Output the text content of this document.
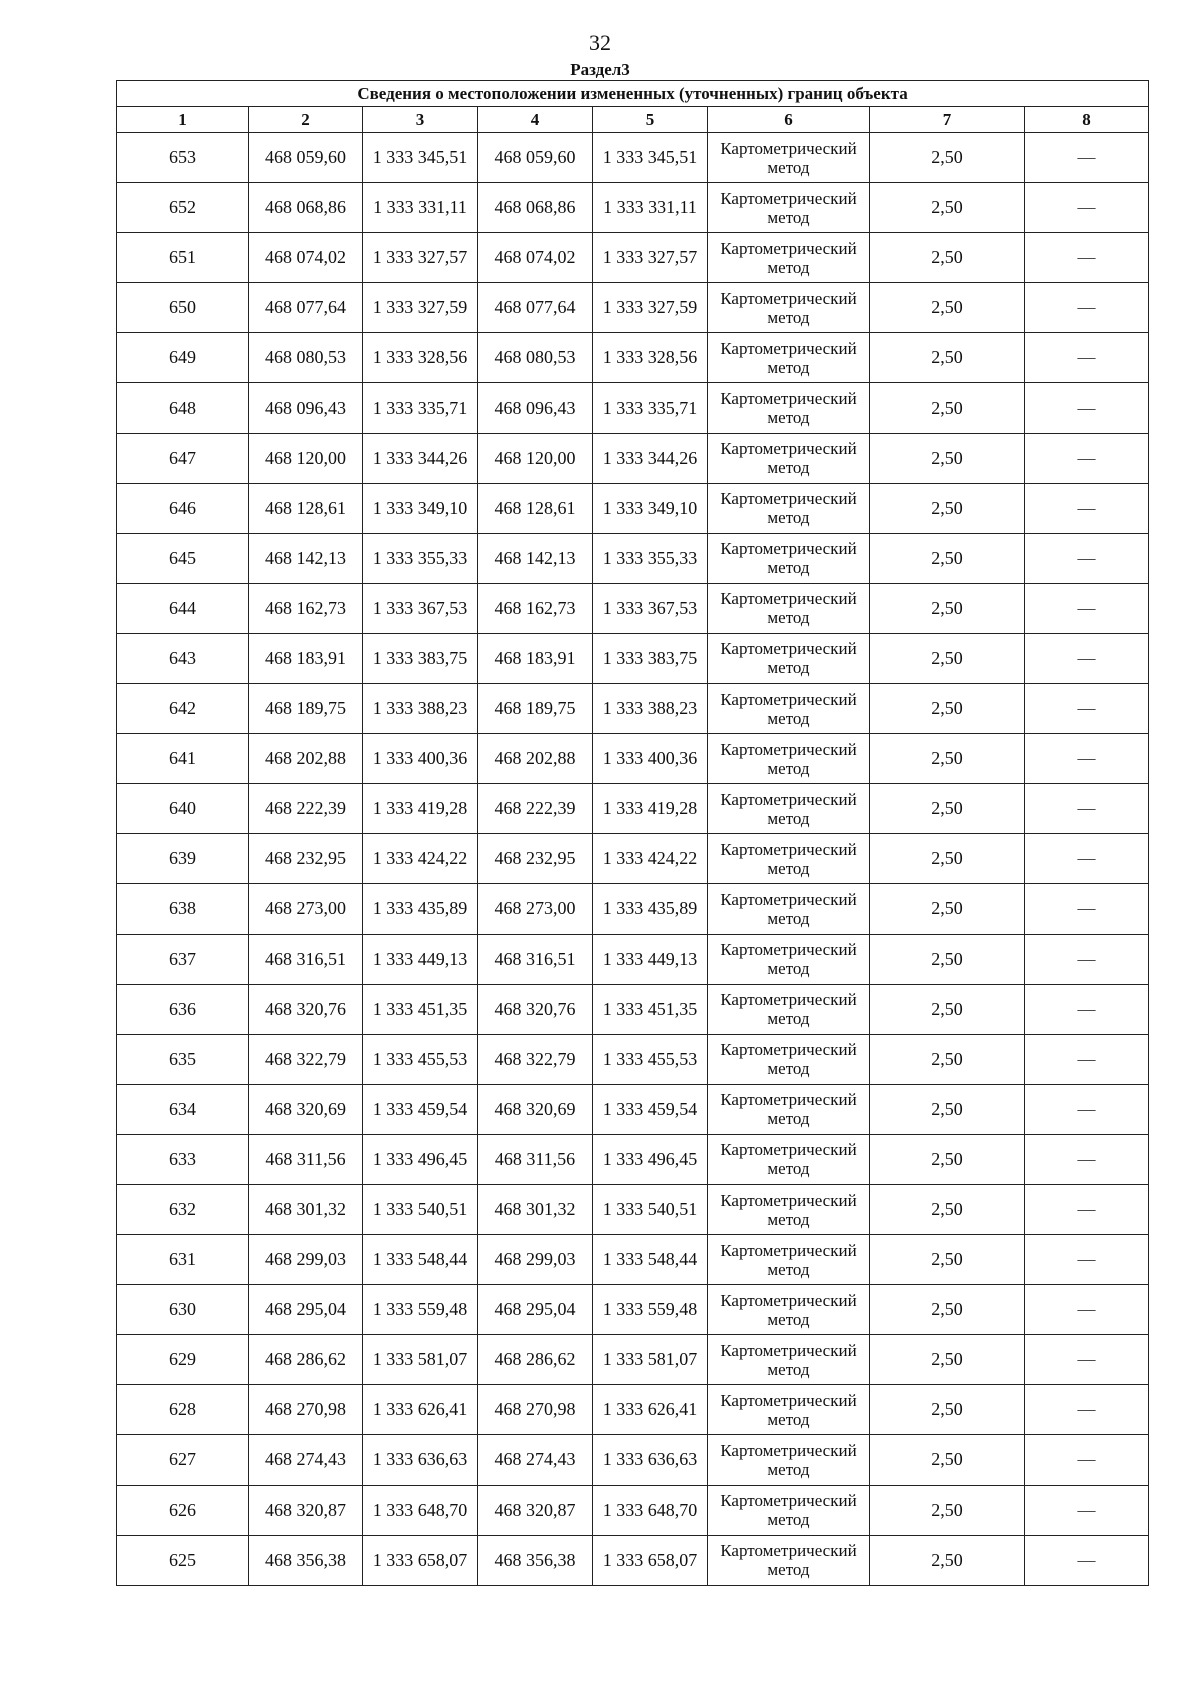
32
Раздел3
Сведения о местоположении измененных (уточненных) границ объекта							
1	2	3	4	5	6	7	8
653	468 059,60	1 333 345,51	468 059,60	1 333 345,51	Картометрический метод	2,50	—
652	468 068,86	1 333 331,11	468 068,86	1 333 331,11	Картометрический метод	2,50	—
651	468 074,02	1 333 327,57	468 074,02	1 333 327,57	Картометрический метод	2,50	—
650	468 077,64	1 333 327,59	468 077,64	1 333 327,59	Картометрический метод	2,50	—
649	468 080,53	1 333 328,56	468 080,53	1 333 328,56	Картометрический метод	2,50	—
648	468 096,43	1 333 335,71	468 096,43	1 333 335,71	Картометрический метод	2,50	—
647	468 120,00	1 333 344,26	468 120,00	1 333 344,26	Картометрический метод	2,50	—
646	468 128,61	1 333 349,10	468 128,61	1 333 349,10	Картометрический метод	2,50	—
645	468 142,13	1 333 355,33	468 142,13	1 333 355,33	Картометрический метод	2,50	—
644	468 162,73	1 333 367,53	468 162,73	1 333 367,53	Картометрический метод	2,50	—
643	468 183,91	1 333 383,75	468 183,91	1 333 383,75	Картометрический метод	2,50	—
642	468 189,75	1 333 388,23	468 189,75	1 333 388,23	Картометрический метод	2,50	—
641	468 202,88	1 333 400,36	468 202,88	1 333 400,36	Картометрический метод	2,50	—
640	468 222,39	1 333 419,28	468 222,39	1 333 419,28	Картометрический метод	2,50	—
639	468 232,95	1 333 424,22	468 232,95	1 333 424,22	Картометрический метод	2,50	—
638	468 273,00	1 333 435,89	468 273,00	1 333 435,89	Картометрический метод	2,50	—
637	468 316,51	1 333 449,13	468 316,51	1 333 449,13	Картометрический метод	2,50	—
636	468 320,76	1 333 451,35	468 320,76	1 333 451,35	Картометрический метод	2,50	—
635	468 322,79	1 333 455,53	468 322,79	1 333 455,53	Картометрический метод	2,50	—
634	468 320,69	1 333 459,54	468 320,69	1 333 459,54	Картометрический метод	2,50	—
633	468 311,56	1 333 496,45	468 311,56	1 333 496,45	Картометрический метод	2,50	—
632	468 301,32	1 333 540,51	468 301,32	1 333 540,51	Картометрический метод	2,50	—
631	468 299,03	1 333 548,44	468 299,03	1 333 548,44	Картометрический метод	2,50	—
630	468 295,04	1 333 559,48	468 295,04	1 333 559,48	Картометрический метод	2,50	—
629	468 286,62	1 333 581,07	468 286,62	1 333 581,07	Картометрический метод	2,50	—
628	468 270,98	1 333 626,41	468 270,98	1 333 626,41	Картометрический метод	2,50	—
627	468 274,43	1 333 636,63	468 274,43	1 333 636,63	Картометрический метод	2,50	—
626	468 320,87	1 333 648,70	468 320,87	1 333 648,70	Картометрический метод	2,50	—
625	468 356,38	1 333 658,07	468 356,38	1 333 658,07	Картометрический метод	2,50	—
